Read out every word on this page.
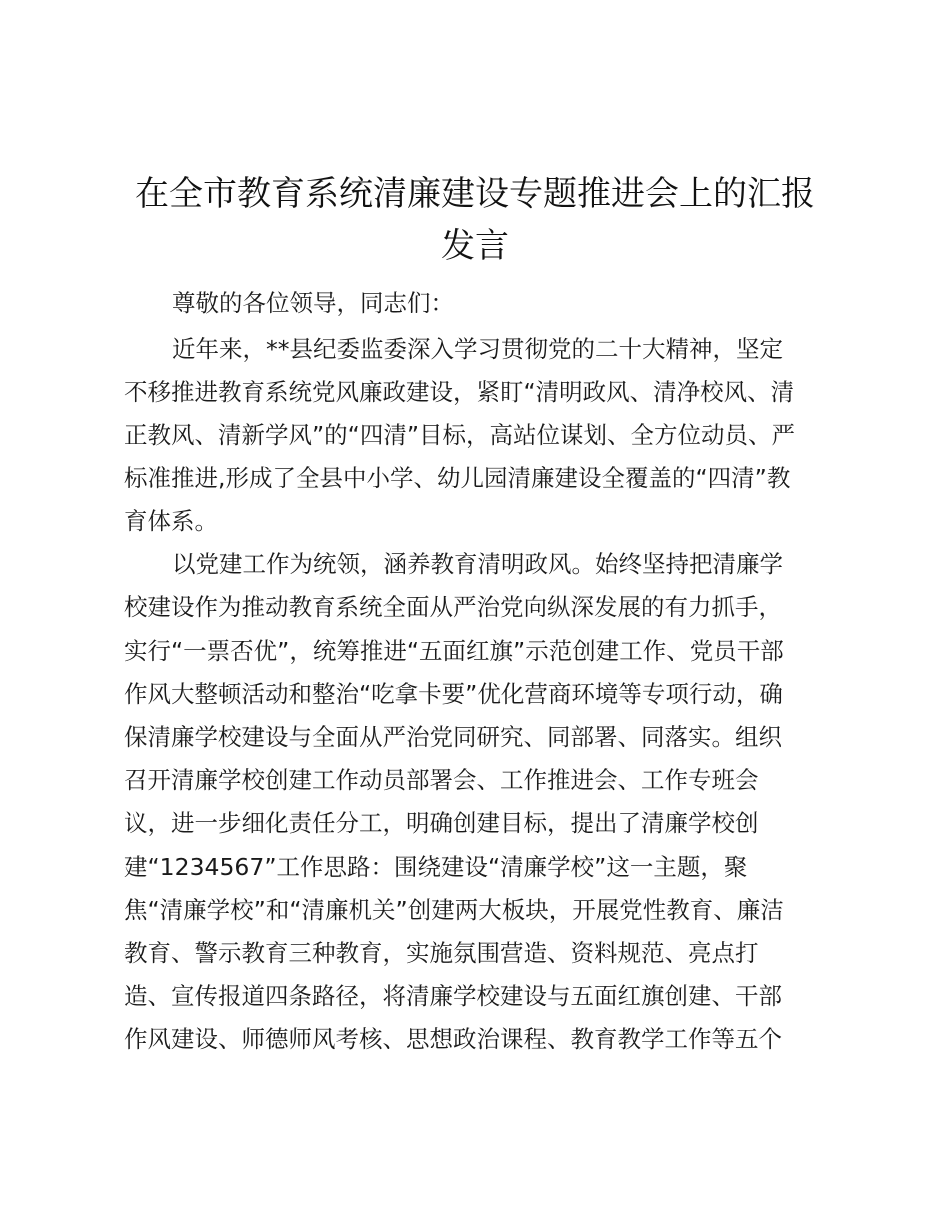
在全市教育系统清廉建设专题推进会上的汇报
发言
尊敬的各位领导，同志们：
近年来，**县纪委监委深入学习贯彻党的二十大精神，坚定
不移推进教育系统党风廉政建设，紧盯“清明政风、清净校风、清
正教风、清新学风”的“四清”目标，高站位谋划、全方位动员、严
标准推进,形成了全县中小学、幼儿园清廉建设全覆盖的“四清”教
育体系。
以党建工作为统领，涵养教育清明政风。始终坚持把清廉学
校建设作为推动教育系统全面从严治党向纵深发展的有力抓手，
实行“一票否优”，统筹推进“五面红旗”示范创建工作、党员干部
作风大整顿活动和整治“吃拿卡要”优化营商环境等专项行动，确
保清廉学校建设与全面从严治党同研究、同部署、同落实。组织
召开清廉学校创建工作动员部署会、工作推进会、工作专班会
议，进一步细化责任分工，明确创建目标，提出了清廉学校创
建“1234567”工作思路：围绕建设“清廉学校”这一主题，聚
焦“清廉学校”和“清廉机关”创建两大板块，开展党性教育、廉洁
教育、警示教育三种教育，实施氛围营造、资料规范、亮点打
造、宣传报道四条路径，将清廉学校建设与五面红旗创建、干部
作风建设、师德师风考核、思想政治课程、教育教学工作等五个
